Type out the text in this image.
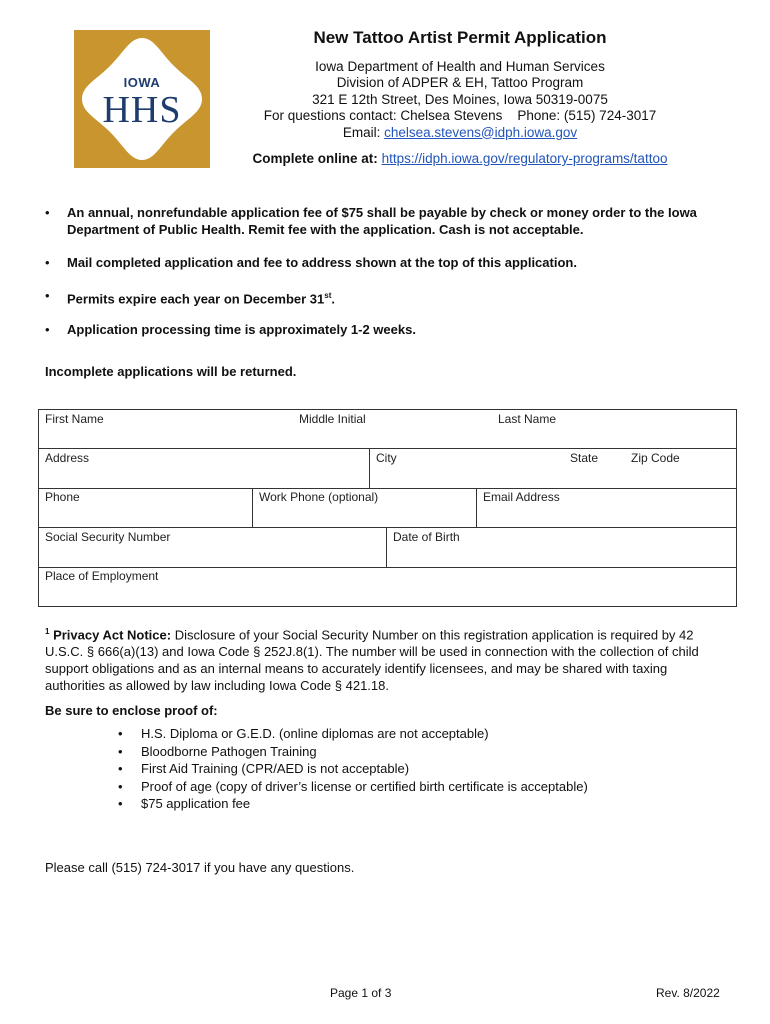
IOWA
HHS
New Tattoo Artist Permit Application
Iowa Department of Health and Human Services
Division of ADPER & EH, Tattoo Program
321 E 12th Street, Des Moines, Iowa 50319-0075
For questions contact: Chelsea Stevens    Phone: (515) 724-3017
Email: chelsea.stevens@idph.iowa.gov
Complete online at: https://idph.iowa.gov/regulatory-programs/tattoo
• An annual, nonrefundable application fee of $75 shall be payable by check or money order to the Iowa Department of Public Health. Remit fee with the application. Cash is not acceptable.
• Mail completed application and fee to address shown at the top of this application.
• Permits expire each year on December 31st.
• Application processing time is approximately 1-2 weeks.
Incomplete applications will be returned.
First Name	Middle Initial	Last Name
Address	City	State	Zip Code
Phone	Work Phone (optional)	Email Address
Social Security Number	Date of Birth
Place of Employment
$^1$ Privacy Act Notice: Disclosure of your Social Security Number on this registration application is required by 42 U.S.C. § 666(a)(13) and Iowa Code § 252J.8(1). The number will be used in connection with the collection of child support obligations and as an internal means to accurately identify licensees, and may be shared with taxing authorities as allowed by law including Iowa Code § 421.18.
Be sure to enclose proof of:
• H.S. Diploma or G.E.D. (online diplomas are not acceptable)
• Bloodborne Pathogen Training
• First Aid Training (CPR/AED is not acceptable)
• Proof of age (copy of driver’s license or certified birth certificate is acceptable)
• $75 application fee
Please call (515) 724-3017 if you have any questions.
Page 1 of 3	Rev. 8/2022
